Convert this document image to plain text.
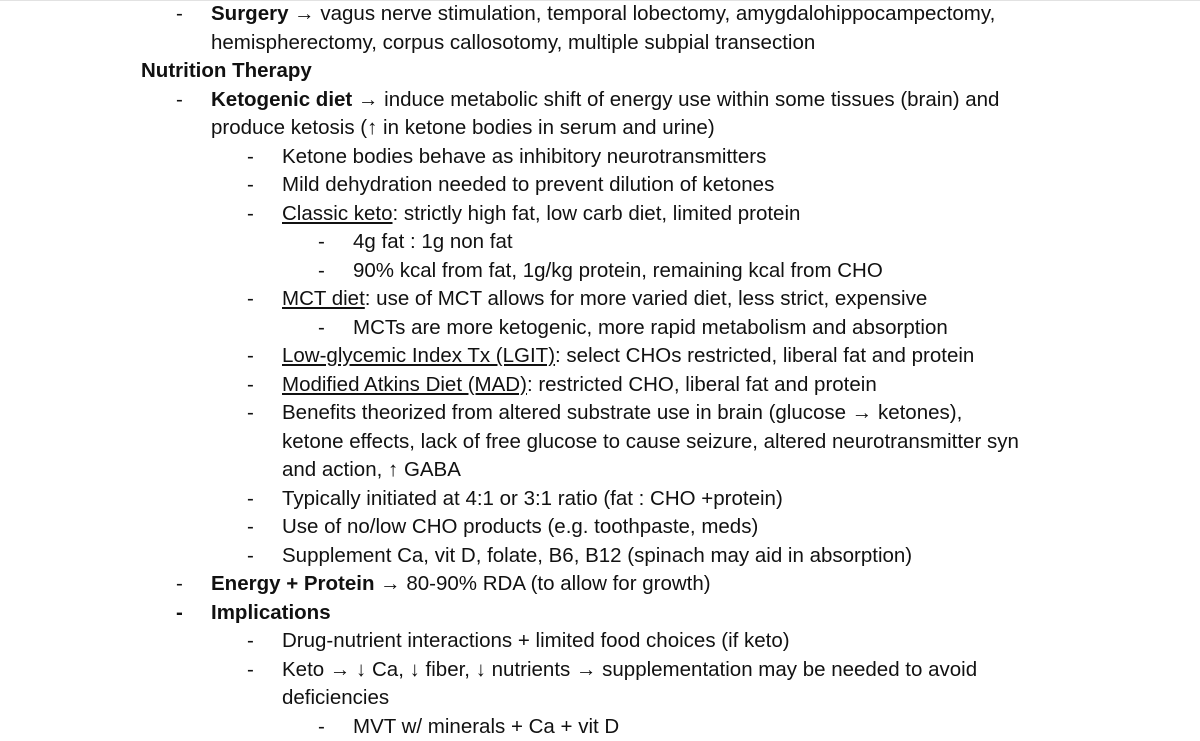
- Surgery → vagus nerve stimulation, temporal lobectomy, amygdalohippocampectomy,
hemispherectomy, corpus callosotomy, multiple subpial transection
Nutrition Therapy
- Ketogenic diet → induce metabolic shift of energy use within some tissues (brain) and
produce ketosis (↑ in ketone bodies in serum and urine)
- Ketone bodies behave as inhibitory neurotransmitters
- Mild dehydration needed to prevent dilution of ketones
- Classic keto: strictly high fat, low carb diet, limited protein
- 4g fat : 1g non fat
- 90% kcal from fat, 1g/kg protein, remaining kcal from CHO
- MCT diet: use of MCT allows for more varied diet, less strict, expensive
- MCTs are more ketogenic, more rapid metabolism and absorption
- Low-glycemic Index Tx (LGIT): select CHOs restricted, liberal fat and protein
- Modified Atkins Diet (MAD): restricted CHO, liberal fat and protein
- Benefits theorized from altered substrate use in brain (glucose → ketones),
ketone effects, lack of free glucose to cause seizure, altered neurotransmitter syn
and action, ↑ GABA
- Typically initiated at 4:1 or 3:1 ratio (fat : CHO +protein)
- Use of no/low CHO products (e.g. toothpaste, meds)
- Supplement Ca, vit D, folate, B6, B12 (spinach may aid in absorption)
- Energy + Protein → 80-90% RDA (to allow for growth)
- Implications
- Drug-nutrient interactions + limited food choices (if keto)
- Keto → ↓ Ca, ↓ fiber, ↓ nutrients → supplementation may be needed to avoid
deficiencies
- MVT w/ minerals + Ca + vit D
